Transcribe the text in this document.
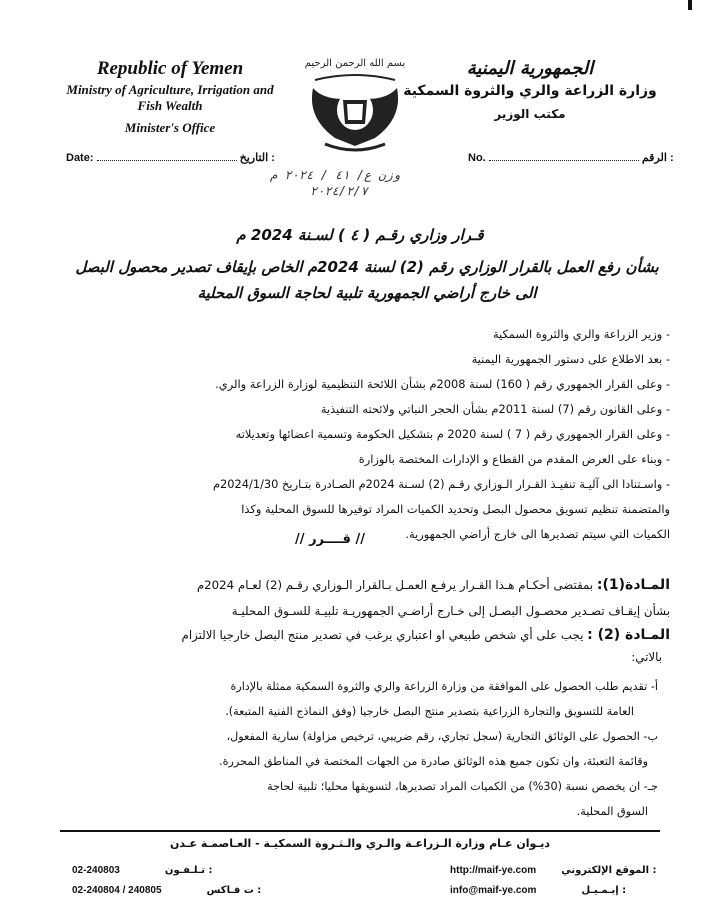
Republic of Yemen
Ministry of Agriculture, Irrigation and Fish Wealth
Minister's Office
بسم الله الرحمن الرحيم	الجمهورية اليمنية
وزارة الزراعة والري والثروة السمكية
مكتب الوزير
Date:	التاريخ :	No.	الرقم :
وزن ع/ ٤١ / ٢٠٢٤ م
٢٠٢٤/٢/٧
قـرار وزاري رقـم ( ٤ ) لسـنة 2024 م
بشأن رفع العمل بالقرار الوزاري رقم (2) لسنة 2024م الخاص بإيقاف تصدير محصول البصل
الى خارج أراضي الجمهورية تلبية لحاجة السوق المحلية
- وزير الزراعة والري والثروة السمكية
- بعد الاطلاع على دستور الجمهورية اليمنية
- وعلى القرار الجمهوري رقم ( 160) لسنة 2008م بشأن اللائحة التنظيمية لوزارة الزراعة والري.
- وعلى القانون رقم (7) لسنة 2011م بشأن الحجر النباتي ولائحته التنفيذية
- وعلى القرار الجمهوري رقم ( 7 ) لسنة 2020 م بتشكيل الحكومة وتسمية اعضائها وتعديلاته
- وبناء على العرض المقدم من القطاع و الإدارات المختصة بالوزارة
- واسـتنادا الى آليـة تنفيـذ القـرار الـوزاري رقـم (2) لسـنة 2024م الصـادرة بتـاريخ 2024/1/30م
والمتضمنة تنظيم تسويق محصول البصل وتحديد الكميات المراد توفيرها للسوق المحلية وكذا
الكميات التي سيتم تصديرها الى خارج أراضي الجمهورية.
// قــــرر //
المـادة(1): بمقتضى أحكـام هـذا القـرار يرفـع العمـل بـالقرار الـوزاري رقـم (2) لعـام 2024م
بشأن إيقـاف تصـدير محصـول البصـل إلى خـارج أراضـي الجمهوريـة تلبيـة للسـوق المحليـة
المـادة (2) : يجب على أي شخص طبيعي او اعتباري يرغب في تصدير منتج البصل خارجيا الالتزام
بالاتي:
أ- تقديم طلب الحصول على الموافقة من وزارة الزراعة والري والثروة السمكية ممثلة بالإدارة
العامة للتسويق والتجارة الزراعية بتصدير منتج البصل خارجيا (وفق النماذج الفنية المتبعة).
ب- الحصول على الوثائق التجارية (سجل تجاري، رقم ضريبي، ترخيص مزاولة) سارية المفعول،
وقائمة التعبئة، وان تكون جميع هذه الوثائق صادرة من الجهات المختصة في المناطق المحررة.
جـ- ان يخصص نسبة (30%) من الكميات المراد تصديرها، لتسويقها محليا؛ تلبية لحاجة
السوق المحلية.
ديـوان عـام وزارة الـزراعـة والـري والـثـروة السمكيـة - العـاصمـة عـدن
02-240803	تـلـفـون :
02-240804 / 240805	ت فـاكس :
http://maif-ye.com	الموقع الإلكتروني :
info@maif-ye.com	إيـمـيـل :
